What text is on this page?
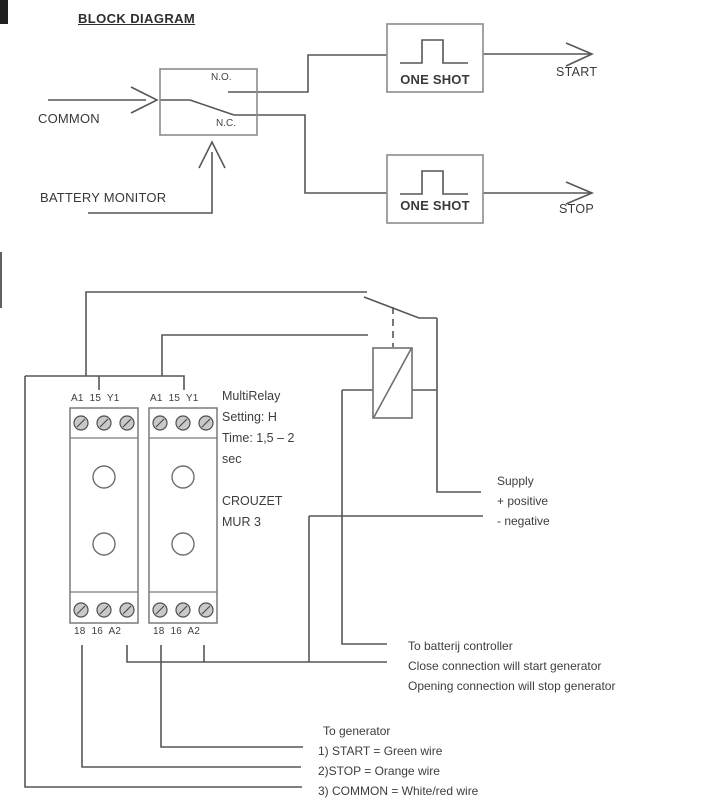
BLOCK DIAGRAM
COMMON
BATTERY MONITOR
N.O.
N.C.
ONE SHOT
ONE SHOT
START
STOP
A1 15 Y1	A1 15 Y1
18 16 A2	18 16 A2
MultiRelay
Setting: H
Time: 1,5 – 2
sec
CROUZET
MUR 3
Supply
+ positive
- negative
To batterij controller
Close connection will start generator
Opening connection will stop generator
To generator
1) START = Green wire
2)STOP = Orange wire
3) COMMON = White/red wire
